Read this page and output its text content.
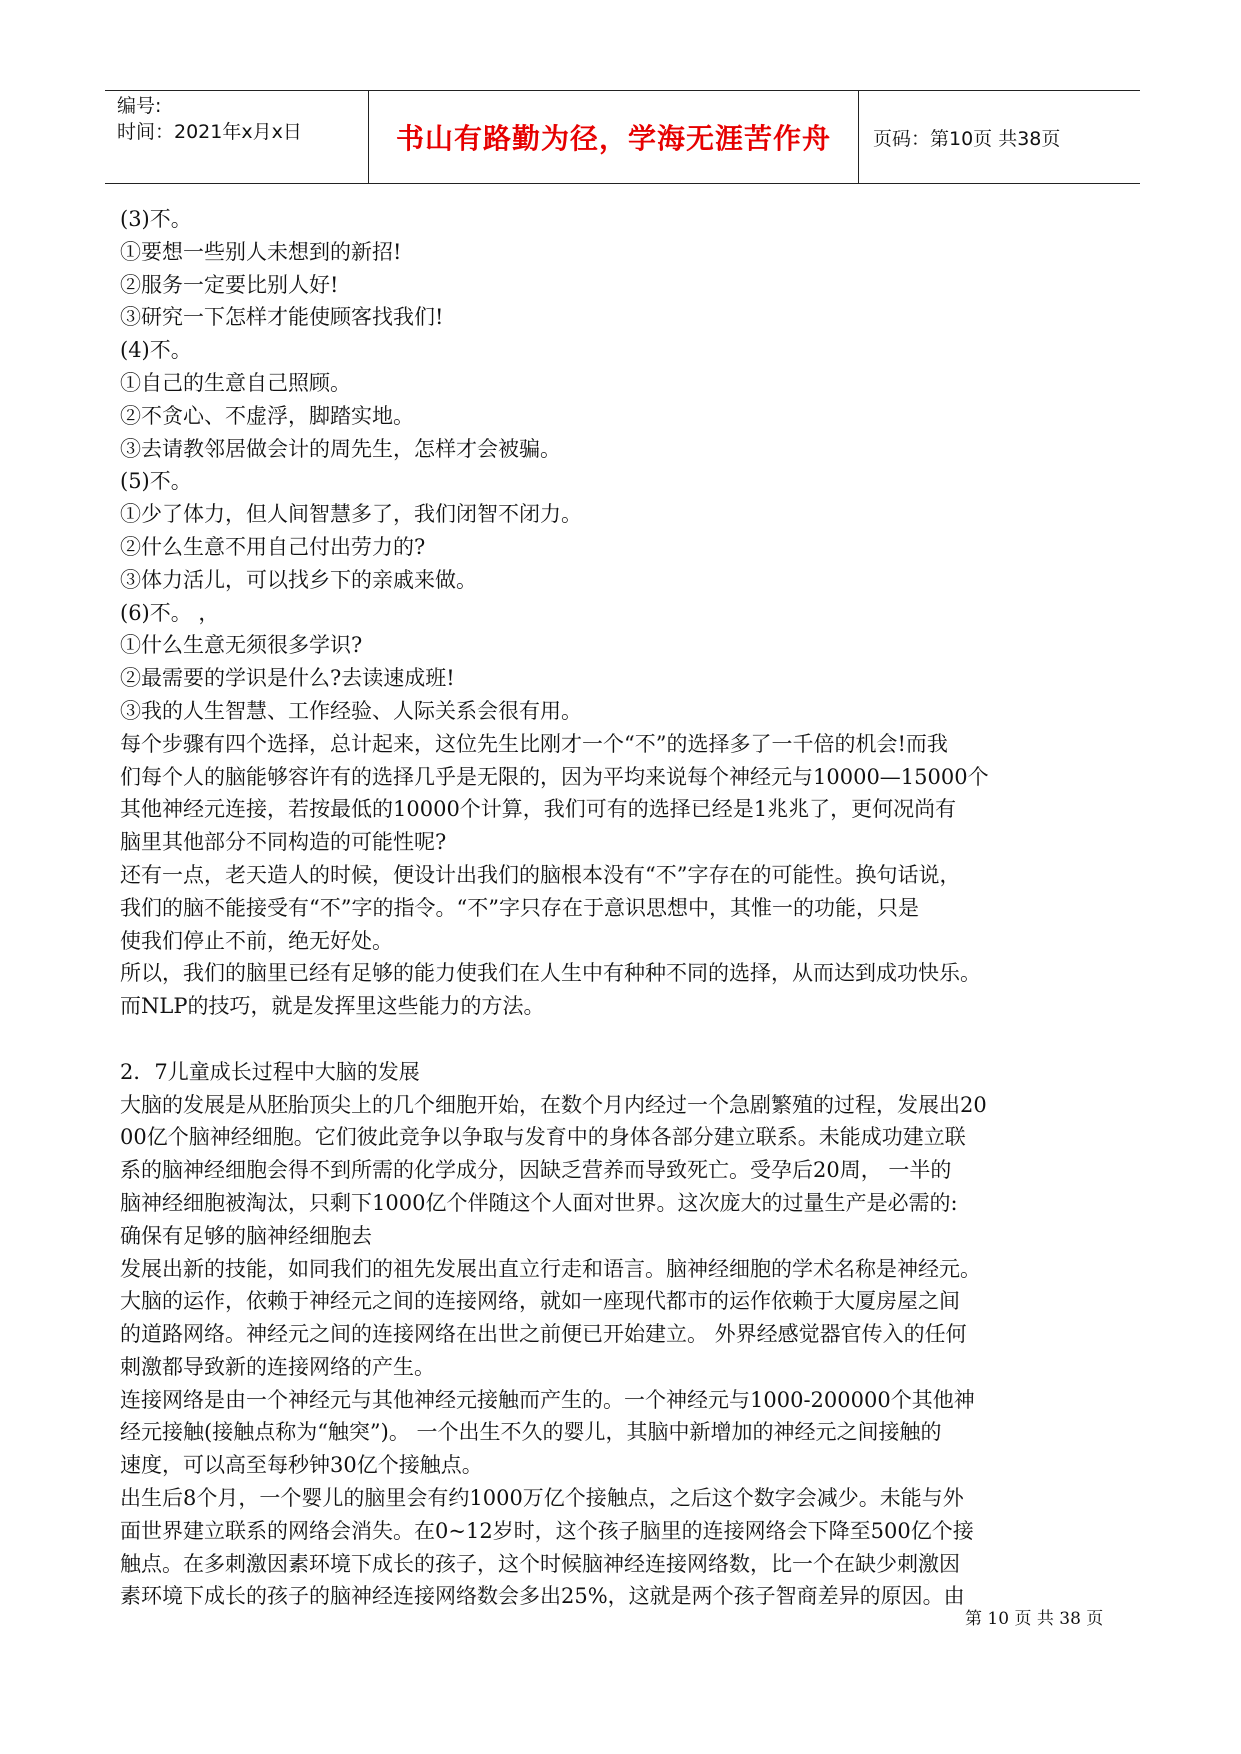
编号:
时间：2021年x月x日	书山有路勤为径，学海无涯苦作舟	页码：第10页 共38页

(3)不。

①要想一些别人未想到的新招!

②服务一定要比别人好!

③研究一下怎样才能使顾客找我们!

(4)不。

①自己的生意自己照顾。

②不贪心、不虚浮，脚踏实地。

③去请教邻居做会计的周先生，怎样才会被骗。

(5)不。

①少了体力，但人间智慧多了，我们闭智不闭力。

②什么生意不用自己付出劳力的?

③体力活儿，可以找乡下的亲戚来做。

(6)不。 ，

①什么生意无须很多学识?

②最需要的学识是什么?去读速成班!

③我的人生智慧、工作经验、人际关系会很有用。

每个步骤有四个选择，总计起来，这位先生比刚才一个“不”的选择多了一千倍的机会!而我

们每个人的脑能够容许有的选择几乎是无限的，因为平均来说每个神经元与10000—15000个

其他神经元连接，若按最低的10000个计算，我们可有的选择已经是1兆兆了，更何况尚有

脑里其他部分不同构造的可能性呢?

还有一点，老天造人的时候，便设计出我们的脑根本没有“不”字存在的可能性。换句话说，

我们的脑不能接受有“不”字的指令。“不”字只存在于意识思想中，其惟一的功能，只是

使我们停止不前，绝无好处。

所以，我们的脑里已经有足够的能力使我们在人生中有种种不同的选择，从而达到成功快乐。

而NLP的技巧，就是发挥里这些能力的方法。

2．7儿童成长过程中大脑的发展

大脑的发展是从胚胎顶尖上的几个细胞开始，在数个月内经过一个急剧繁殖的过程，发展出20

00亿个脑神经细胞。它们彼此竞争以争取与发育中的身体各部分建立联系。未能成功建立联

系的脑神经细胞会得不到所需的化学成分，因缺乏营养而导致死亡。受孕后20周， 一半的

脑神经细胞被淘汰，只剩下1000亿个伴随这个人面对世界。这次庞大的过量生产是必需的:

确保有足够的脑神经细胞去

发展出新的技能，如同我们的祖先发展出直立行走和语言。脑神经细胞的学术名称是神经元。

大脑的运作，依赖于神经元之间的连接网络，就如一座现代都市的运作依赖于大厦房屋之间

的道路网络。神经元之间的连接网络在出世之前便已开始建立。 外界经感觉器官传入的任何

刺激都导致新的连接网络的产生。

连接网络是由一个神经元与其他神经元接触而产生的。一个神经元与1000-200000个其他神

经元接触(接触点称为“触突”)。 一个出生不久的婴儿，其脑中新增加的神经元之间接触的

速度，可以高至每秒钟30亿个接触点。

出生后8个月，一个婴儿的脑里会有约1000万亿个接触点，之后这个数字会减少。未能与外

面世界建立联系的网络会消失。在0~12岁时，这个孩子脑里的连接网络会下降至500亿个接

触点。在多刺激因素环境下成长的孩子，这个时候脑神经连接网络数，比一个在缺少刺激因

素环境下成长的孩子的脑神经连接网络数会多出25%，这就是两个孩子智商差异的原因。由

第 10 页 共 38 页
